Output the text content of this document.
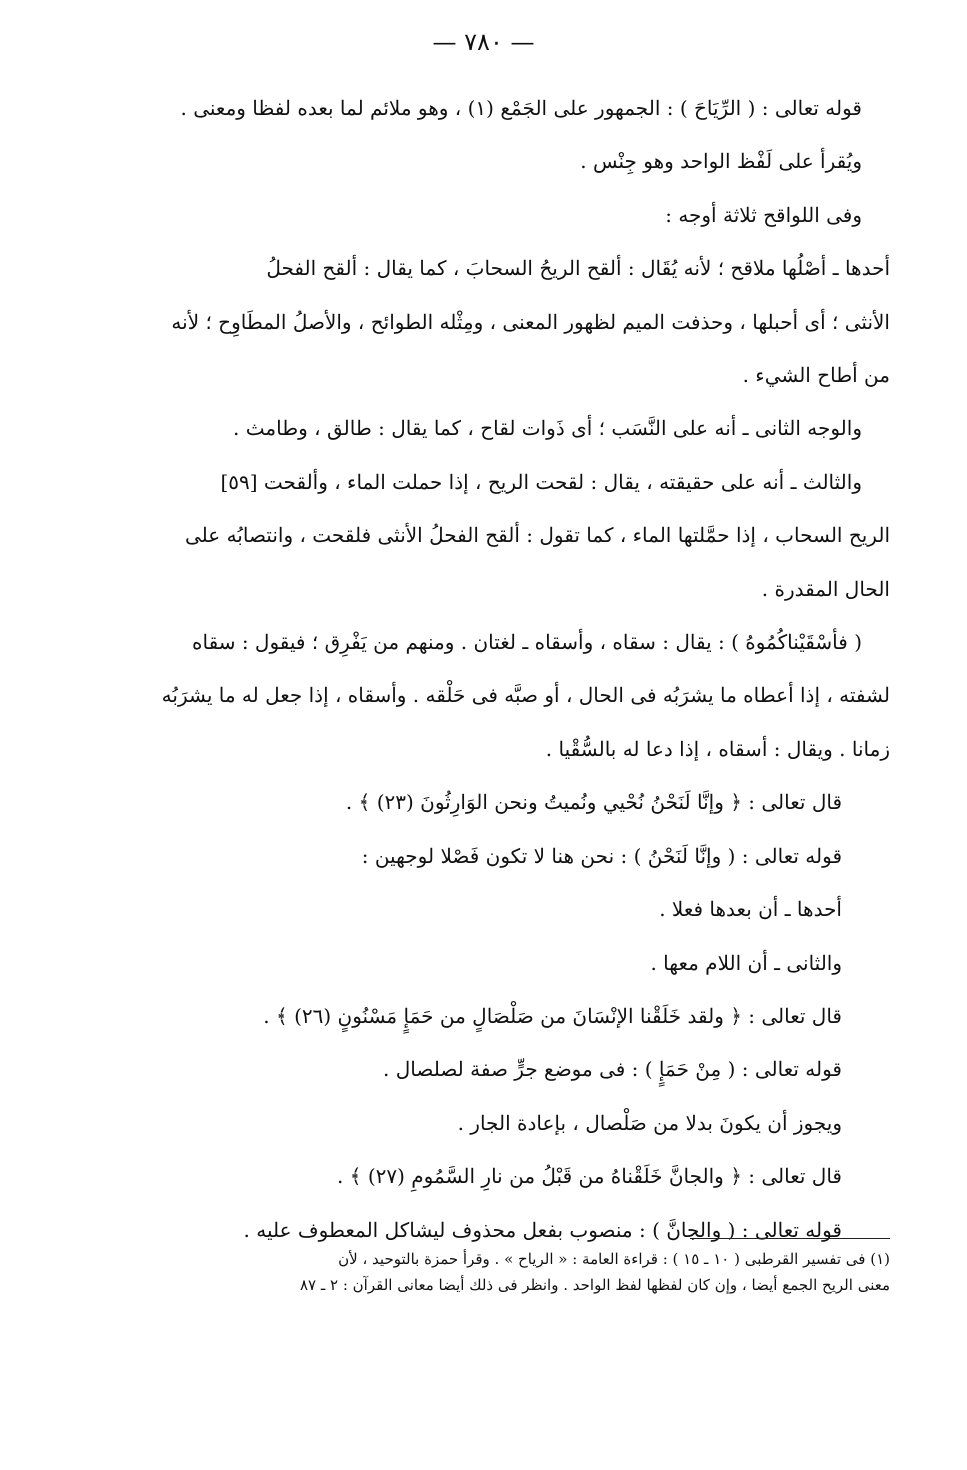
— ٧٨٠ —

قوله تعالى : ( الرِّيَاحَ ) : الجمهور على الجَمْع (١) ، وهو ملائم لما بعده لفظا ومعنى .

ويُقرأ على لَفْظ الواحد وهو جِنْس .

وفى اللواقح ثلاثة أوجه :

أحدها ـ أصْلُها ملاقح ؛ لأنه يُقَال : ألقح الريحُ السحابَ ، كما يقال : ألقح الفحلُ

الأنثى ؛ أى أحبلها ، وحذفت الميم لظهور المعنى ، ومِثْله الطوائح ، والأصلُ المطَاوِح ؛ لأنه

من أطاح الشيء .

والوجه الثانى ـ أنه على النَّسَب ؛ أى ذَوات لقاح ، كما يقال : طالق ، وطامث .

والثالث ـ أنه على حقيقته ، يقال : لقحت الريح ، إذا حملت الماء ، وألقحت [٥٩]

الريح السحاب ، إذا حمَّلتها الماء ، كما تقول : ألقح الفحلُ الأنثى فلقحت ، وانتصابُه على

الحال المقدرة .

( فأسْقَيْناكُمُوهُ ) : يقال : سقاه ، وأسقاه ـ لغتان . ومنهم من يَفْرِق ؛ فيقول : سقاه

لشفته ، إذا أعطاه ما يشرَبُه فى الحال ، أو صبَّه فى حَلْقه . وأسقاه ، إذا جعل له ما يشرَبُه

زمانا . ويقال : أسقاه ، إذا دعا له بالسُّقْيا .

قال تعالى : ﴿ وإنَّا لَنَحْنُ نُحْيي ونُميتُ ونحن الوَارِثُونَ (٢٣) ﴾ .

قوله تعالى : ( وإنَّا لَنَحْنُ ) : نحن هنا لا تكون فَصْلا لوجهين :

أحدها ـ أن بعدها فعلا .

والثانى ـ أن اللام معها .

قال تعالى : ﴿ ولقد خَلَقْنا الإنْسَانَ من صَلْصَالٍ من حَمَإٍ مَسْنُونٍ (٢٦) ﴾ .

قوله تعالى : ( مِنْ حَمَإٍ ) : فى موضع جرٍّ صفة لصلصال .

ويجوز أن يكونَ بدلا من صَلْصال ، بإعادة الجار .

قال تعالى : ﴿ والجانَّ خَلَقْناهُ من قَبْلُ من نارِ السَّمُومِ (٢٧) ﴾ .

قوله تعالى : ( والجانَّ ) : منصوب بفعل محذوف ليشاكل المعطوف عليه .

(١) فى تفسير القرطبى ( ١٠ ـ ١٥ ) : قراءة العامة : « الرياح » . وقرأ حمزة بالتوحيد ، لأن

معنى الريح الجمع أيضا ، وإن كان لفظها لفظ الواحد . وانظر فى ذلك أيضا معانى القرآن : ٢ ـ ٨٧
